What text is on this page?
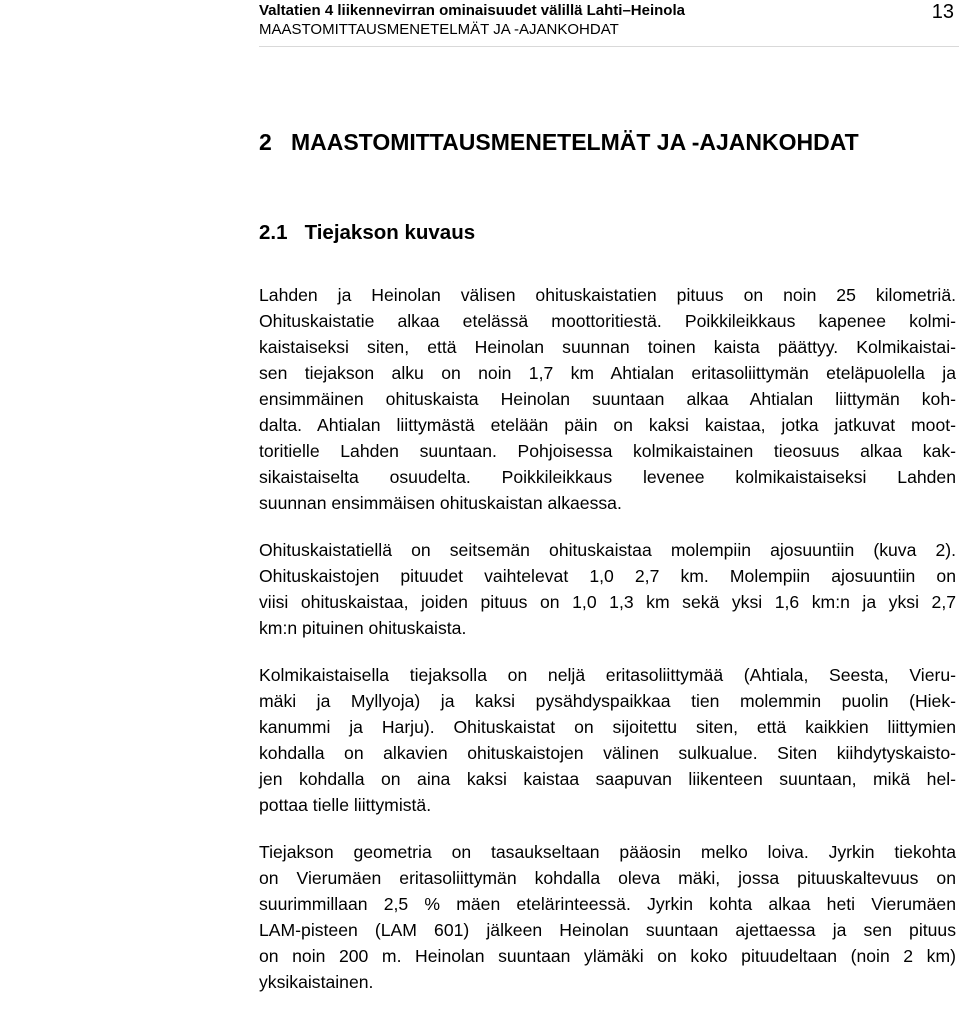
Valtatien 4 liikennevirran ominaisuudet välillä Lahti–Heinola
MAASTOMITTAUSMENETELMÄT JA -AJANKOHDAT
13
2   MAASTOMITTAUSMENETELMÄT JA -AJANKOHDAT
2.1   Tiejakson kuvaus

Lahden ja Heinolan välisen ohituskaistatien pituus on noin 25 kilometriä.
Ohituskaistatie alkaa etelässä moottoritiestä. Poikkileikkaus kapenee kolmi-
kaistaiseksi siten, että Heinolan suunnan toinen kaista päättyy. Kolmikaistai-
sen tiejakson alku on noin 1,7 km Ahtialan eritasoliittymän eteläpuolella ja
ensimmäinen ohituskaista Heinolan suuntaan alkaa Ahtialan liittymän koh-
dalta. Ahtialan liittymästä etelään päin on kaksi kaistaa, jotka jatkuvat moot-
toritielle Lahden suuntaan. Pohjoisessa kolmikaistainen tieosuus alkaa kak-
sikaistaiselta osuudelta. Poikkileikkaus levenee kolmikaistaiseksi Lahden
suunnan ensimmäisen ohituskaistan alkaessa.

Ohituskaistatiellä on seitsemän ohituskaistaa molempiin ajosuuntiin (kuva 2).
Ohituskaistojen pituudet vaihtelevat 1,0 2,7 km. Molempiin ajosuuntiin on
viisi ohituskaistaa, joiden pituus on 1,0 1,3 km sekä yksi 1,6 km:n ja yksi 2,7
km:n pituinen ohituskaista.

Kolmikaistaisella tiejaksolla on neljä eritasoliittymää (Ahtiala, Seesta, Vieru-
mäki ja Myllyoja) ja kaksi pysähdyspaikkaa tien molemmin puolin (Hiek-
kanummi ja Harju). Ohituskaistat on sijoitettu siten, että kaikkien liittymien
kohdalla on alkavien ohituskaistojen välinen sulkualue. Siten kiihdytyskaisto-
jen kohdalla on aina kaksi kaistaa saapuvan liikenteen suuntaan, mikä hel-
pottaa tielle liittymistä.

Tiejakson geometria on tasaukseltaan pääosin melko loiva. Jyrkin tiekohta
on Vierumäen eritasoliittymän kohdalla oleva mäki, jossa pituuskaltevuus on
suurimmillaan 2,5 % mäen etelärinteessä. Jyrkin kohta alkaa heti Vierumäen
LAM-pisteen (LAM 601) jälkeen Heinolan suuntaan ajettaessa ja sen pituus
on noin 200 m. Heinolan suuntaan ylämäki on koko pituudeltaan (noin 2 km)
yksikaistainen.
